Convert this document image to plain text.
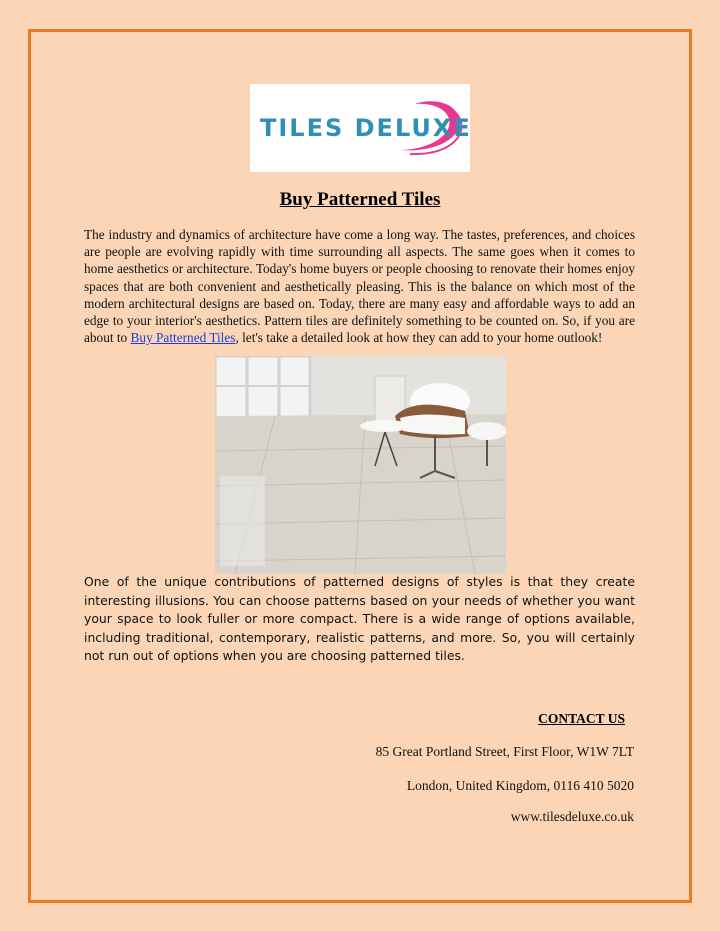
TILES DELUXE
Buy Patterned Tiles

The industry and dynamics of architecture have come a long way. The tastes, preferences, and choices are people are evolving rapidly with time surrounding all aspects. The same goes when it comes to home aesthetics or architecture. Today's home buyers or people choosing to renovate their homes enjoy spaces that are both convenient and aesthetically pleasing. This is the balance on which most of the modern architectural designs are based on. Today, there are many easy and affordable ways to add an edge to your interior's aesthetics. Pattern tiles are definitely something to be counted on. So, if you are about to Buy Patterned Tiles, let's take a detailed look at how they can add to your home outlook!

One of the unique contributions of patterned designs of styles is that they create interesting illusions. You can choose patterns based on your needs of whether you want your space to look fuller or more compact. There is a wide range of options available, including traditional, contemporary, realistic patterns, and more. So, you will certainly not run out of options when you are choosing patterned tiles.

CONTACT US
85 Great Portland Street, First Floor, W1W 7LT
London, United Kingdom, 0116 410 5020
www.tilesdeluxe.co.uk
